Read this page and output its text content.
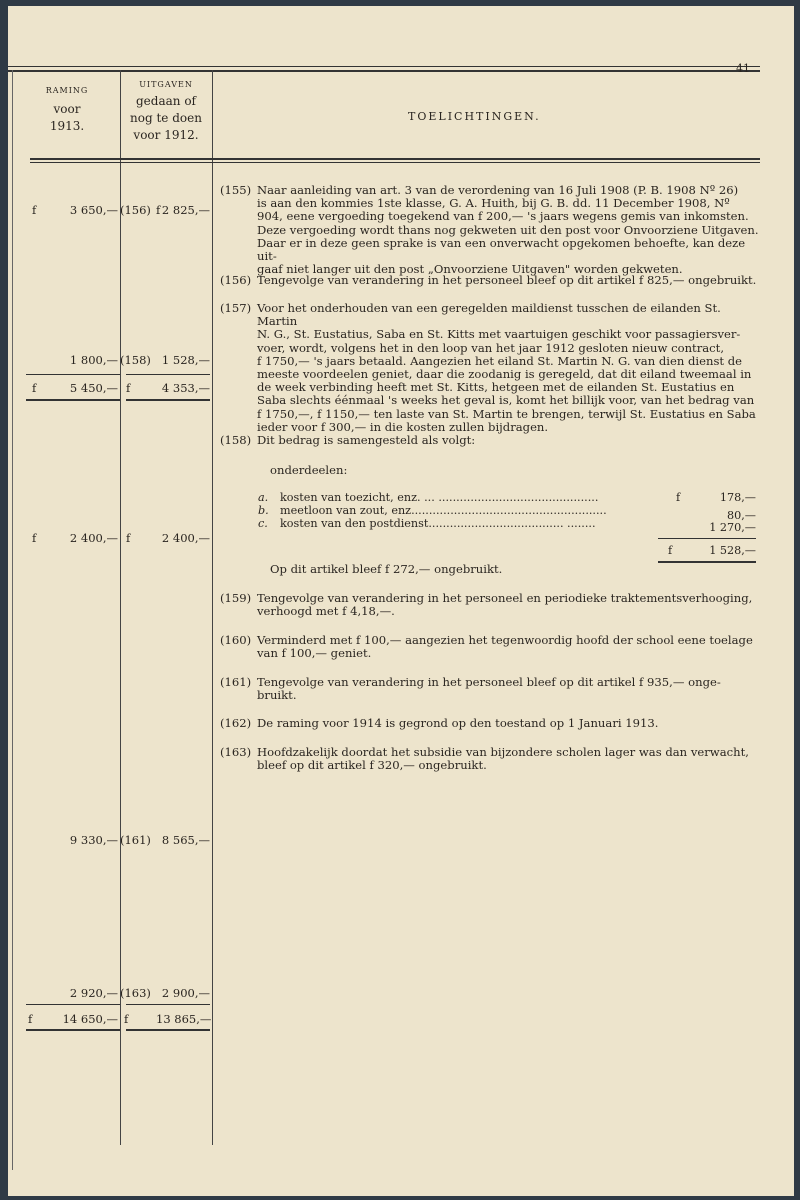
41
RAMING
voor
1913.
UITGAVEN
gedaan of
nog te doen
voor 1912.
TOELICHTINGEN.
f	3 650,— (156) f 2 825,—
1 800,— (158) 1 528,—
f	5 450,— f	4 353,—
f	2 400,— f	2 400,—
9 330,— (161) 8 565,—
2 920,— (163) 2 900,—
f	14 650,— f 13 865,—
(155) Naar aanleiding van art. 3 van de verordening van 16 Juli 1908 (P. B. 1908 Nº 26)
is aan den kommies 1ste klasse, G. A. Huith, bij G. B. dd. 11 December 1908, Nº
904, eene vergoeding toegekend van f 200,— 's jaars wegens gemis van inkomsten.
Deze vergoeding wordt thans nog gekweten uit den post voor Onvoorziene Uitgaven.
Daar er in deze geen sprake is van een onverwacht opgekomen behoefte, kan deze uit-
gaaf niet langer uit den post „Onvoorziene Uitgaven" worden gekweten.
(156) Tengevolge van verandering in het personeel bleef op dit artikel f 825,— ongebruikt.
(157) Voor het onderhouden van een geregelden maildienst tusschen de eilanden St. Martin
N. G., St. Eustatius, Saba en St. Kitts met vaartuigen geschikt voor passagiersver-
voer, wordt, volgens het in den loop van het jaar 1912 gesloten nieuw contract,
f 1750,— 's jaars betaald. Aangezien het eiland St. Martin N. G. van dien dienst de
meeste voordeelen geniet, daar die zoodanig is geregeld, dat dit eiland tweemaal in
de week verbinding heeft met St. Kitts, hetgeen met de eilanden St. Eustatius en
Saba slechts éénmaal 's weeks het geval is, komt het billijk voor, van het bedrag van
f 1750,—, f 1150,— ten laste van St. Martin te brengen, terwijl St. Eustatius en Saba
ieder voor f 300,— in die kosten zullen bijdragen.
(158) Dit bedrag is samengesteld als volgt:
onderdeelen:
a. kosten van toezicht, enz. ... .............................................	f	178,—
b. meetloon van zout, enz.......................................................	80,—
c. kosten van den postdienst...................................... ........	1 270,—
f	1 528,—
Op dit artikel bleef f 272,— ongebruikt.
(159) Tengevolge van verandering in het personeel en periodieke traktementsverhooging,
verhoogd met f 4,18,—.
(160) Verminderd met f 100,— aangezien het tegenwoordig hoofd der school eene toelage
van f 100,— geniet.
(161) Tengevolge van verandering in het personeel bleef op dit artikel f 935,— onge-
bruikt.
(162) De raming voor 1914 is gegrond op den toestand op 1 Januari 1913.
(163) Hoofdzakelijk doordat het subsidie van bijzondere scholen lager was dan verwacht,
bleef op dit artikel f 320,— ongebruikt.
